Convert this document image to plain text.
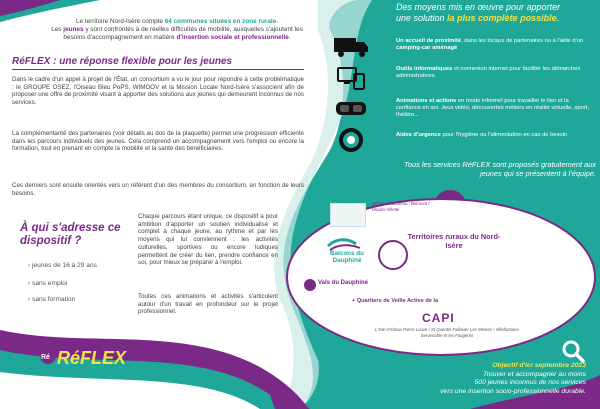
Le territoire Nord-Isère compte 64 communes situées en zone rurale.

Les jeunes y sont confrontés à de réelles difficultés de mobilité, auxquelles s'ajoutent les besoins d'accompagnement en matière d'insertion sociale et professionnelle.

RéFLEX : une réponse flexible pour les jeunes

Dans le cadre d'un appel à projet de l'État, un consortium a vu le jour pour répondre à cette problématique : le GROUPE OSEZ, l'Oiseau Bleu PoPS, WIMOOV et la Mission Locale Nord-Isère s'associent afin de proposer une offre de proximité visant à apporter des solutions aux jeunes qui demeurent inconnus de nos services.

La complémentarité des partenaires (voir détails au dos de la plaquette) permet une progression efficiente dans les parcours individuels des jeunes. Cela comprend un accompagnement vers l'emploi ou encore la formation, tout en prenant en compte la mobilité et la santé des bénéficiaires.

Ces derniers sont ensuite orientés vers un référent d'un des membres du consortium, en fonction de leurs besoins.

À qui s'adresse ce dispositif ?
› jeunes de 16 à 29 ans
› sans emploi
› sans formation

Chaque parcours étant unique, ce dispositif a pour ambition d'apporter un soutien individualisé et complet à chaque jeune, au rythme et par les moyens qui lui conviennent : les activités culturelles, sportives ou encore ludiques permettent de créer du lien, prendre confiance en soi, pour mieux se préparer à l'emploi.

Toutes ces animations et activités s'articulent autour d'un travail en profondeur sur le projet professionnel.

Ré RéFLEX

Des moyens mis en œuvre pour apporter

une solution la plus complète possible.

Un accueil de proximité, dans les locaux de partenaires ou à l'aide d'un camping-car aménagé
Outils informatiques et connexion internet pour faciliter les démarches administratives
Animations et actions en mode informel pour travailler le lien et la confiance en soi. Jeux vidéo, découvertes métiers en réalité virtuelle, sport, théâtre...
Aides d'urgence pour l'hygiène ou l'alimentation en cas de besoin
Tous les services RéFLEX sont proposés gratuitement aux jeunes qui se présentent à l'équipe.
QPV à Chacamou : Belmont / Moulin-Villette
Territoires ruraux du Nord-Isère
Balcons du Dauphiné
Vals du Dauphiné
+ Quartiers de Veille Active de la
CAPI
L'Isle d'Abeau Pierre Louve / St Quentin Fallavier Les Moines / Villefontaine Servenoble et les Fougères
Objectif d'ici septembre 2023

Trouver et accompagner au moins

500 jeunes inconnus de nos services

vers une insertion socio-professionnelle durable.
